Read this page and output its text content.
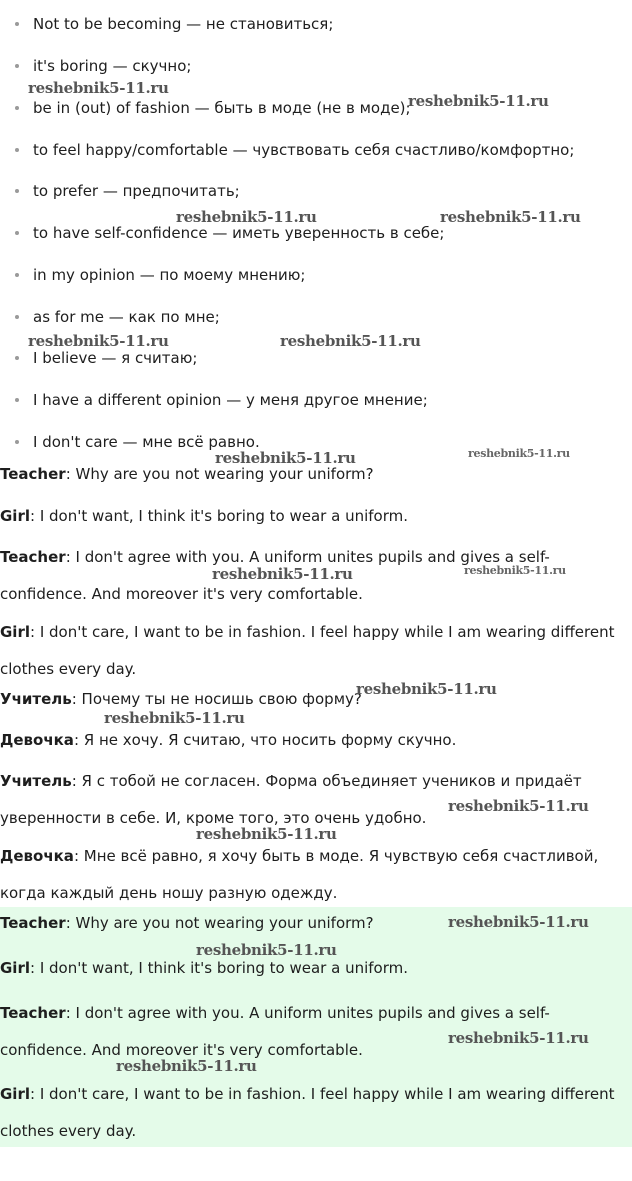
Not to be becoming — не становиться;
it's boring — скучно;
be in (out) of fashion — быть в моде (не в моде);
to feel happy/comfortable — чувствовать себя счастливо/комфортно;
to prefer — предпочитать;
to have self-confidence — иметь уверенность в себе;
in my opinion — по моему мнению;
as for me — как по мне;
I believe — я считаю;
I have a different opinion — у меня другое мнение;
I don't care — мне всё равно.

Teacher: Why are you not wearing your uniform?

Girl: I don't want, I think it's boring to wear a uniform.

Teacher: I don't agree with you. A uniform unites pupils and gives a self-confidence. And moreover it's very comfortable.

Girl: I don't care, I want to be in fashion. I feel happy while I am wearing different clothes every day.

Учитель: Почему ты не носишь свою форму?

Девочка: Я не хочу. Я считаю, что носить форму скучно.

Учитель: Я с тобой не согласен. Форма объединяет учеников и придаёт уверенности в себе. И, кроме того, это очень удобно.

Девочка: Мне всё равно, я хочу быть в моде. Я чувствую себя счастливой, когда каждый день ношу разную одежду.

Teacher: Why are you not wearing your uniform?

Girl: I don't want, I think it's boring to wear a uniform.

Teacher: I don't agree with you. A uniform unites pupils and gives a self-confidence. And moreover it's very comfortable.

Girl: I don't care, I want to be in fashion. I feel happy while I am wearing different clothes every day.

reshebnik5-11.ru
reshebnik5-11.ru
reshebnik5-11.ru	reshebnik5-11.ru
reshebnik5-11.ru	reshebnik5-11.ru
reshebnik5-11.ru	reshebnik5-11.ru
reshebnik5-11.ru	reshebnik5-11.ru
reshebnik5-11.ru
reshebnik5-11.ru
reshebnik5-11.ru
reshebnik5-11.ru
reshebnik5-11.ru
reshebnik5-11.ru
reshebnik5-11.ru
reshebnik5-11.ru
